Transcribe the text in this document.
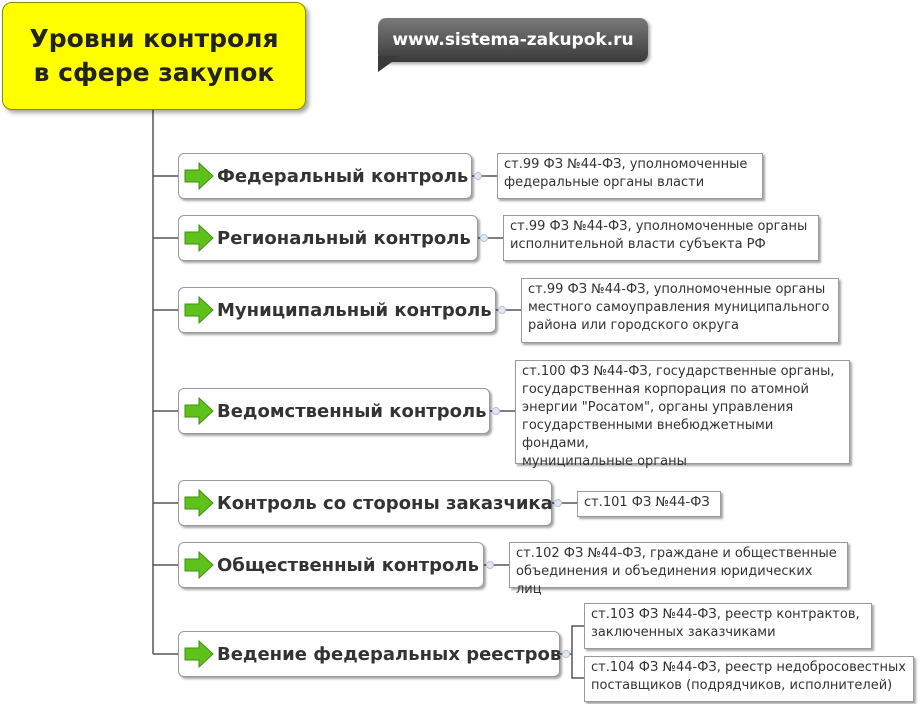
Уровни контроля
в сфере закупок
www.sistema-zakupok.ru
Федеральный контроль
Региональный контроль
Муниципальный контроль
Ведомственный контроль
Контроль со стороны заказчика
Общественный контроль
Ведение федеральных реестров
ст.99 ФЗ №44-ФЗ, уполномоченные
федеральные органы власти
ст.99 ФЗ №44-ФЗ, уполномоченные органы
исполнительной власти субъекта РФ
ст.99 ФЗ №44-ФЗ, уполномоченные органы
местного самоуправления муниципального
района или городского округа
ст.100 ФЗ №44-ФЗ, государственные органы,
государственная корпорация по атомной
энергии "Росатом", органы управления
государственными внебюджетными фондами,
муниципальные органы
ст.101 ФЗ №44-ФЗ
ст.102 ФЗ №44-ФЗ, граждане и общественные
объединения и объединения юридических лиц
ст.103 ФЗ №44-ФЗ, реестр контрактов,
заключенных заказчиками
ст.104 ФЗ №44-ФЗ, реестр недобросовестных
поставщиков (подрядчиков, исполнителей)
